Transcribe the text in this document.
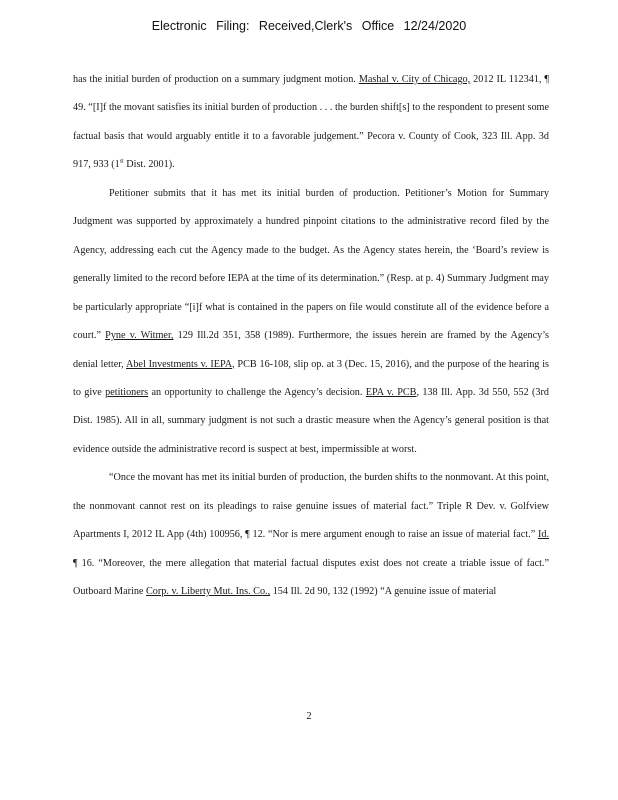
Electronic Filing: Received,Clerk's Office 12/24/2020

has the initial burden of production on a summary judgment motion. Mashal v. City of Chicago, 2012 IL 112341, ¶ 49. “[I]f the movant satisfies its initial burden of production . . . the burden shift[s] to the respondent to present some factual basis that would arguably entitle it to a favorable judgement.” Pecora v. County of Cook, 323 Ill. App. 3d 917, 933 (1st Dist. 2001).

Petitioner submits that it has met its initial burden of production. Petitioner’s Motion for Summary Judgment was supported by approximately a hundred pinpoint citations to the administrative record filed by the Agency, addressing each cut the Agency made to the budget. As the Agency states herein, the ‘Board’s review is generally limited to the record before IEPA at the time of its determination.” (Resp. at p. 4) Summary Judgment may be particularly appropriate “[i]f what is contained in the papers on file would constitute all of the evidence before a court.” Pyne v. Witmer, 129 Ill.2d 351, 358 (1989). Furthermore, the issues herein are framed by the Agency’s denial letter, Abel Investments v. IEPA, PCB 16-108, slip op. at 3 (Dec. 15, 2016), and the purpose of the hearing is to give petitioners an opportunity to challenge the Agency’s decision. EPA v. PCB, 138 Ill. App. 3d 550, 552 (3rd Dist. 1985). All in all, summary judgment is not such a drastic measure when the Agency’s general position is that evidence outside the administrative record is suspect at best, impermissible at worst.

“Once the movant has met its initial burden of production, the burden shifts to the nonmovant. At this point, the nonmovant cannot rest on its pleadings to raise genuine issues of material fact.” Triple R Dev. v. Golfview Apartments I, 2012 IL App (4th) 100956, ¶ 12. “Nor is mere argument enough to raise an issue of material fact.” Id. ¶ 16. “Moreover, the mere allegation that material factual disputes exist does not create a triable issue of fact.” Outboard Marine Corp. v. Liberty Mut. Ins. Co., 154 Ill. 2d 90, 132 (1992) “A genuine issue of material

2
